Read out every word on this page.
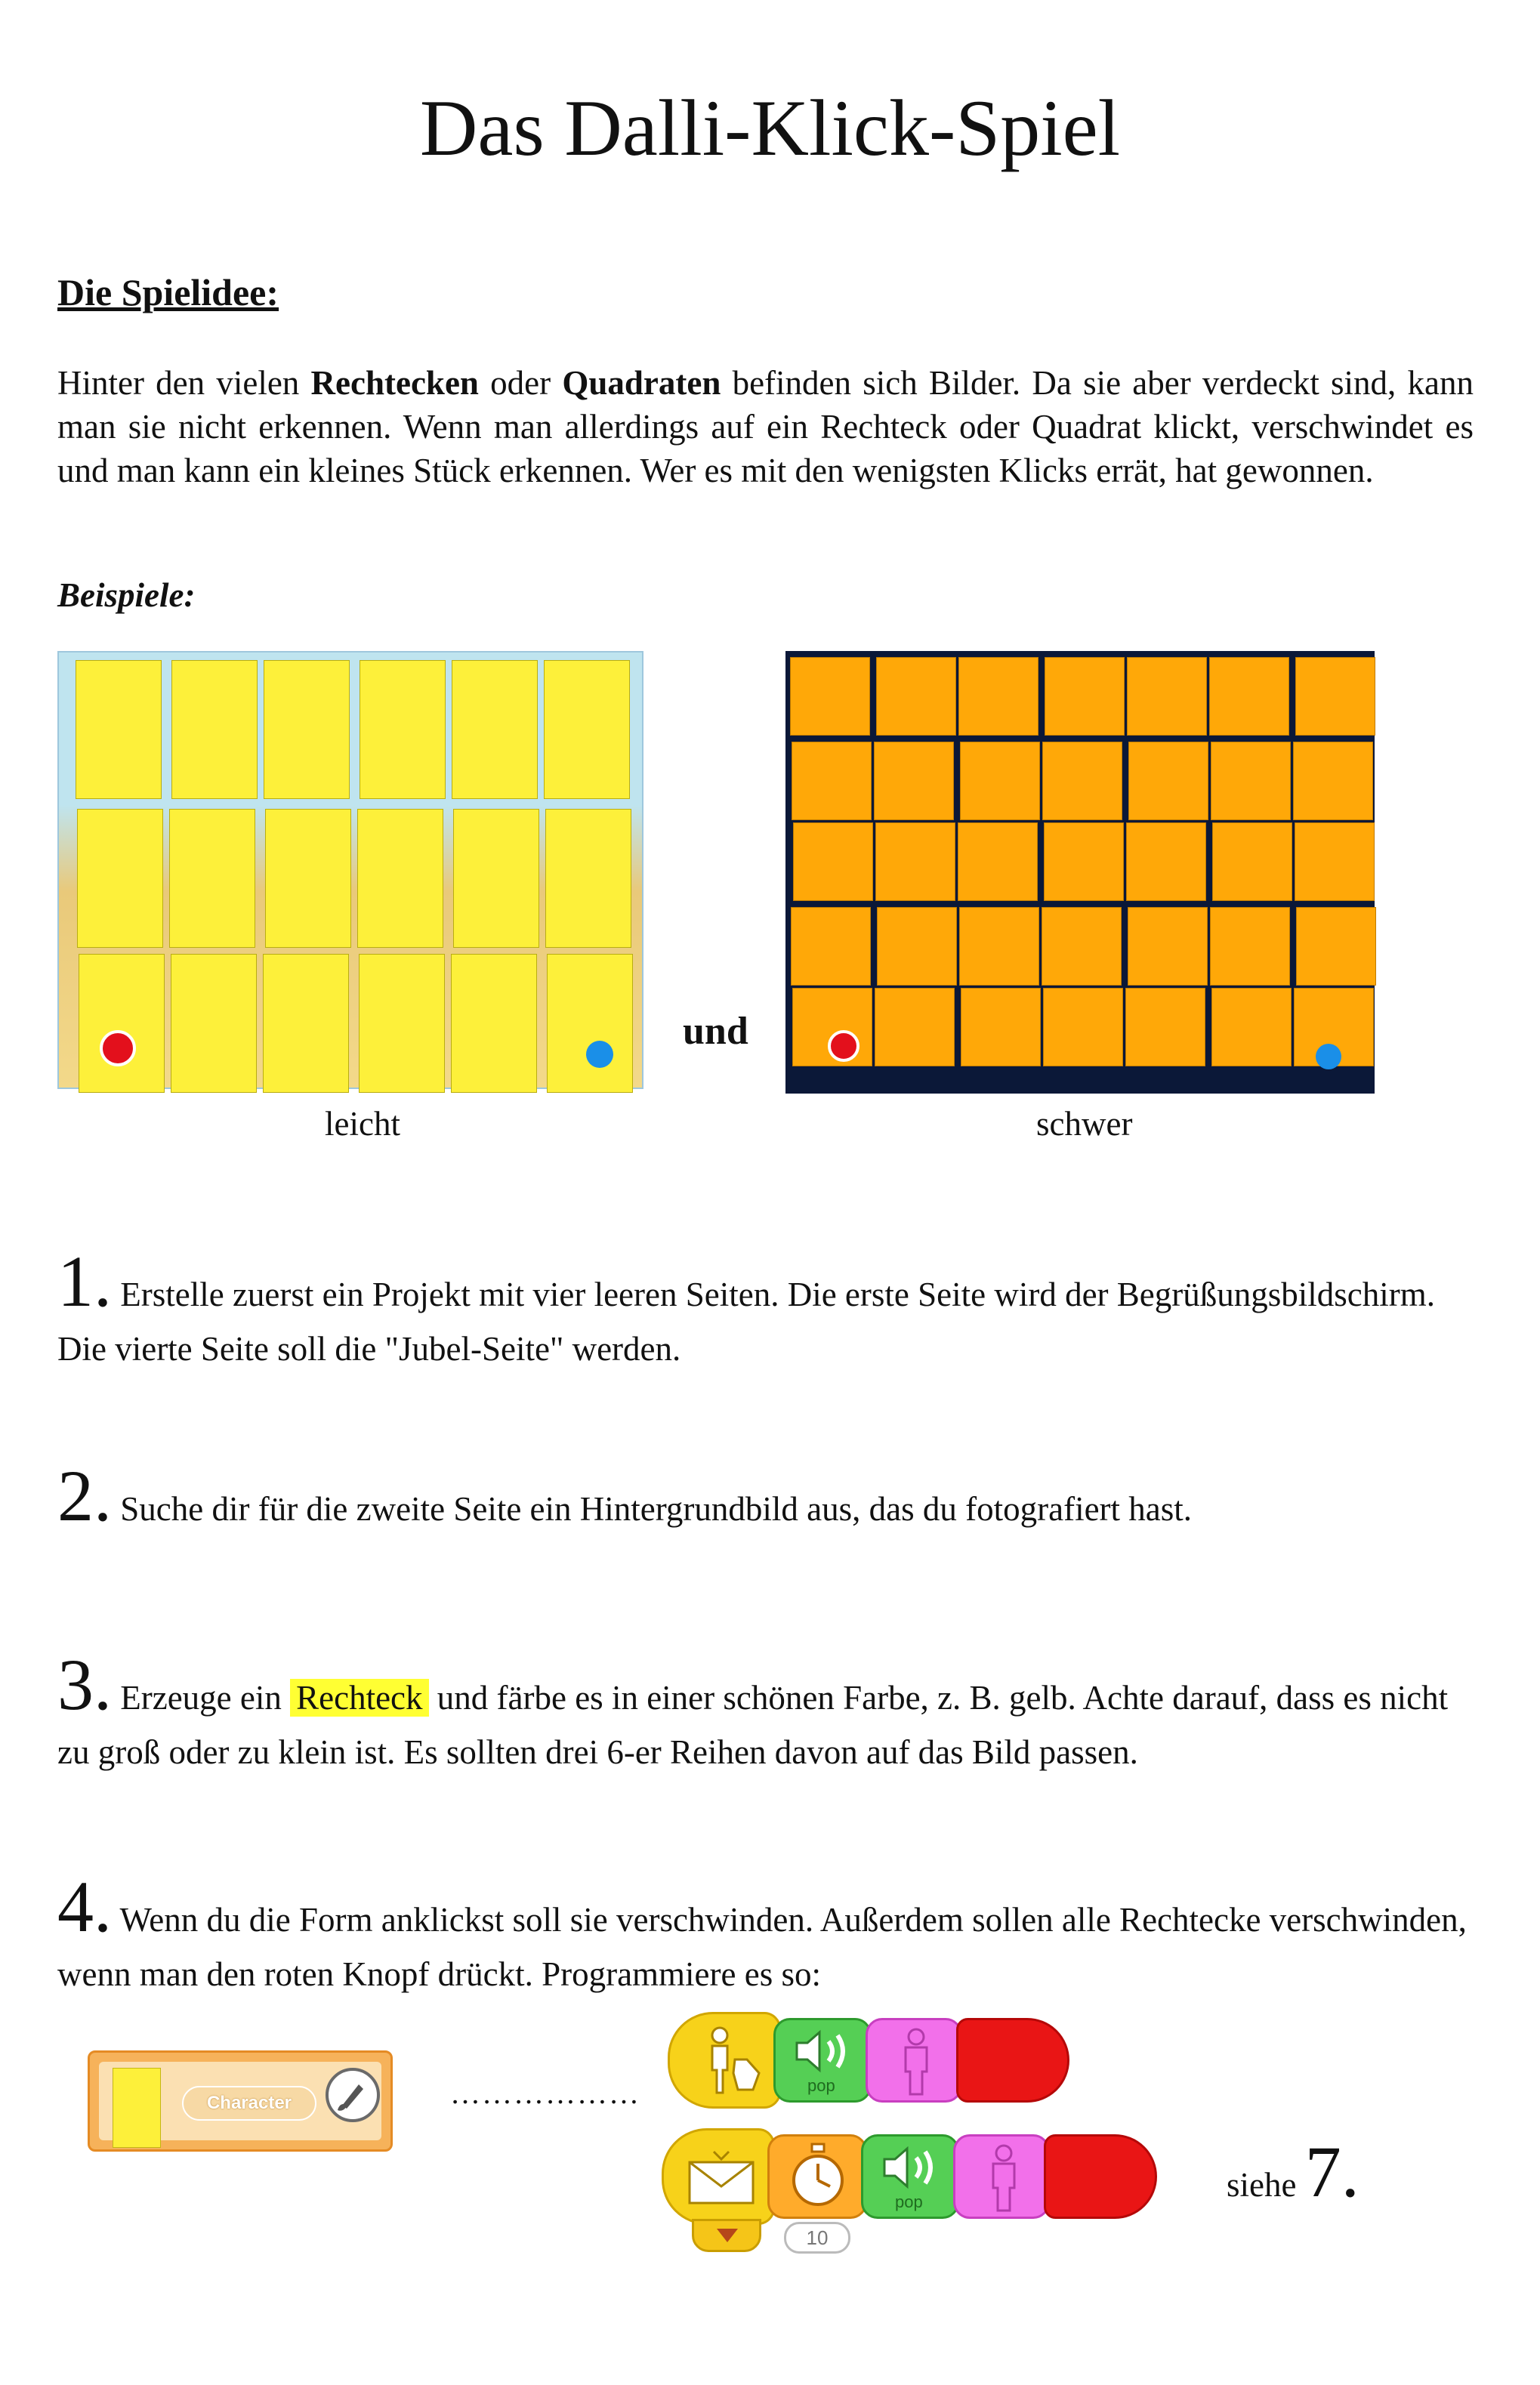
Das Dalli-Klick-Spiel
Die Spielidee:
Hinter den vielen Rechtecken oder Quadraten befinden sich Bilder. Da sie aber verdeckt sind, kann man sie nicht erkennen. Wenn man allerdings auf ein Rechteck oder Quadrat klickt, verschwindet es und man kann ein kleines Stück erkennen. Wer es mit den wenigsten Klicks errät, hat gewonnen.
Beispiele:
und
leicht	schwer
1. Erstelle zuerst ein Projekt mit vier leeren Seiten. Die erste Seite wird der Begrüßungsbildschirm. Die vierte Seite soll die "Jubel-Seite" werden.
2. Suche dir für die zweite Seite ein Hintergrundbild aus, das du fotografiert hast.
3. Erzeuge ein Rechteck und färbe es in einer schönen Farbe, z. B. gelb. Achte darauf, dass es nicht zu groß oder zu klein ist. Es sollten drei 6-er Reihen davon auf das Bild passen.
4. Wenn du die Form anklickst soll sie verschwinden. Außerdem sollen alle Rechtecke verschwinden, wenn man den roten Knopf drückt. Programmiere es so:
Character	………………	pop
10
pop	siehe 7.
